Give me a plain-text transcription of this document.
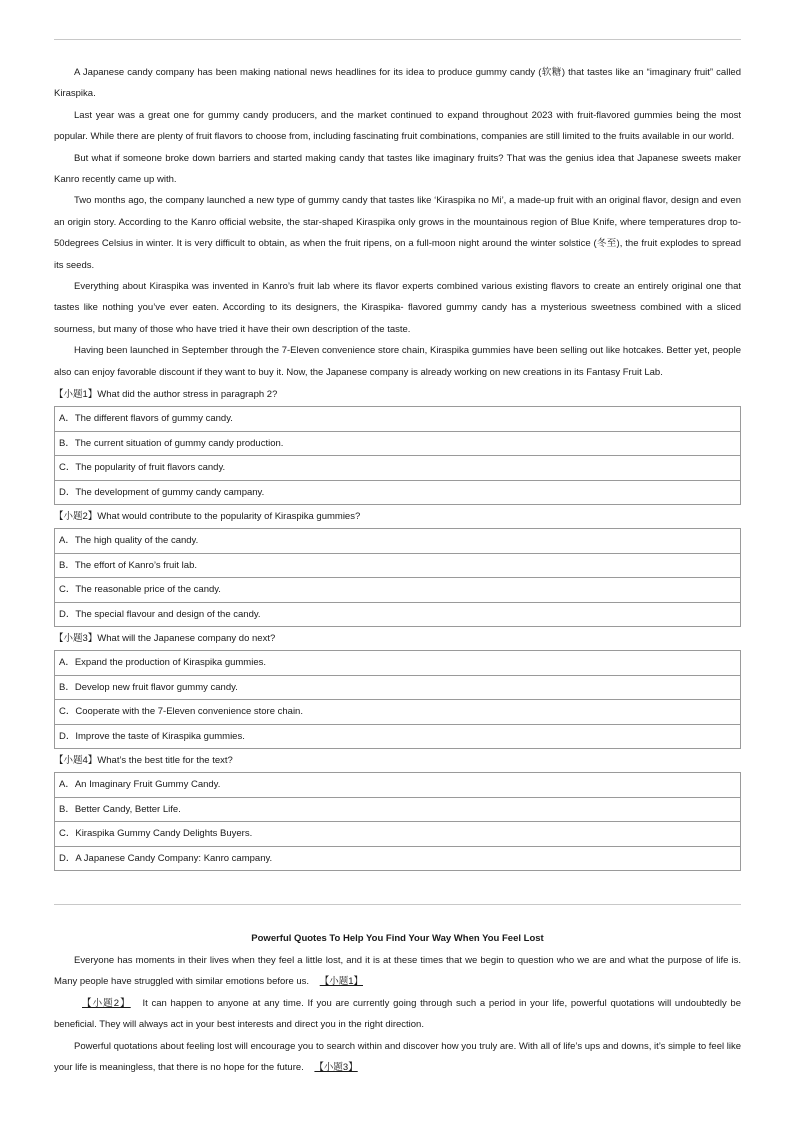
A Japanese candy company has been making national news headlines for its idea to produce gummy candy (软糖) that tastes like an “imaginary fruit” called Kiraspika.

Last year was a great one for gummy candy producers, and the market continued to expand throughout 2023 with fruit-flavored gummies being the most popular. While there are plenty of fruit flavors to choose from, including fascinating fruit combinations, companies are still limited to the fruits available in our world.

But what if someone broke down barriers and started making candy that tastes like imaginary fruits? That was the genius idea that Japanese sweets maker Kanro recently came up with.

Two months ago, the company launched a new type of gummy candy that tastes like ‘Kiraspika no Mi’, a made-up fruit with an original flavor, design and even an origin story. According to the Kanro official website, the star-shaped Kiraspika only grows in the mountainous region of Blue Knife, where temperatures drop to-50degrees Celsius in winter. It is very difficult to obtain, as when the fruit ripens, on a full-moon night around the winter solstice (冬至), the fruit explodes to spread its seeds.

Everything about Kiraspika was invented in Kanro’s fruit lab where its flavor experts combined various existing flavors to create an entirely original one that tastes like nothing you’ve ever eaten. According to its designers, the Kiraspika- flavored gummy candy has a mysterious sweetness combined with a sliced sourness, but many of those who have tried it have their own description of the taste.

Having been launched in September through the 7-Eleven convenience store chain, Kiraspika gummies have been selling out like hotcakes. Better yet, people also can enjoy favorable discount if they want to buy it. Now, the Japanese company is already working on new creations in its Fantasy Fruit Lab.

【小题1】What did the author stress in paragraph 2?
A．The different flavors of gummy candy.
B．The current situation of gummy candy production.
C．The popularity of fruit flavors candy.
D．The development of gummy candy campany.
【小题2】What would contribute to the popularity of Kiraspika gummies?
A．The high quality of the candy.
B．The effort of Kanro’s fruit lab.
C．The reasonable price of the candy.
D．The special flavour and design of the candy.
【小题3】What will the Japanese company do next?
A．Expand the production of Kiraspika gummies.
B．Develop new fruit flavor gummy candy.
C．Cooperate with the 7-Eleven convenience store chain.
D．Improve the taste of Kiraspika gummies.
【小题4】What’s the best title for the text?
A．An Imaginary Fruit Gummy Candy.
B．Better Candy, Better Life.
C．Kiraspika Gummy Candy Delights Buyers.
D．A Japanese Candy Company: Kanro campany.

Powerful Quotes To Help You Find Your Way When You Feel Lost

Everyone has moments in their lives when they feel a little lost, and it is at these times that we begin to question who we are and what the purpose of life is. Many people have struggled with similar emotions before us. 【小题1】

【小题2】 It can happen to anyone at any time. If you are currently going through such a period in your life, powerful quotations will undoubtedly be beneficial. They will always act in your best interests and direct you in the right direction.

Powerful quotations about feeling lost will encourage you to search within and discover how you truly are. With all of life’s ups and downs, it’s simple to feel like your life is meaningless, that there is no hope for the future. 【小题3】
